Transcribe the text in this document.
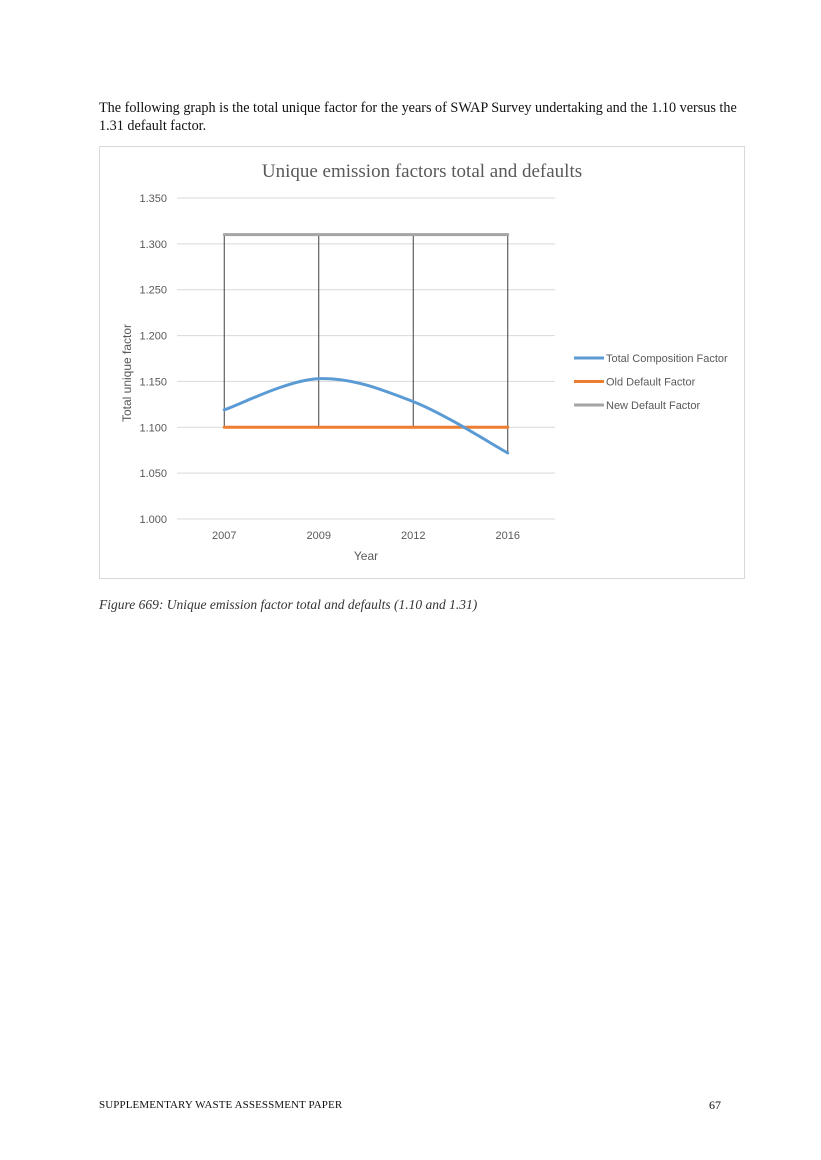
The following graph is the total unique factor for the years of SWAP Survey undertaking and the 1.10 versus the 1.31 default factor.

Unique emission factors total and defaults
Year
Total unique factor
1.000
1.050
1.100
1.150
1.200
1.250
1.300
1.350
2007	2009	2012	2016
Total Composition Factor
Old Default Factor
New Default Factor

Figure 669: Unique emission factor total and defaults (1.10 and 1.31)

SUPPLEMENTARY WASTE ASSESSMENT PAPER	67
